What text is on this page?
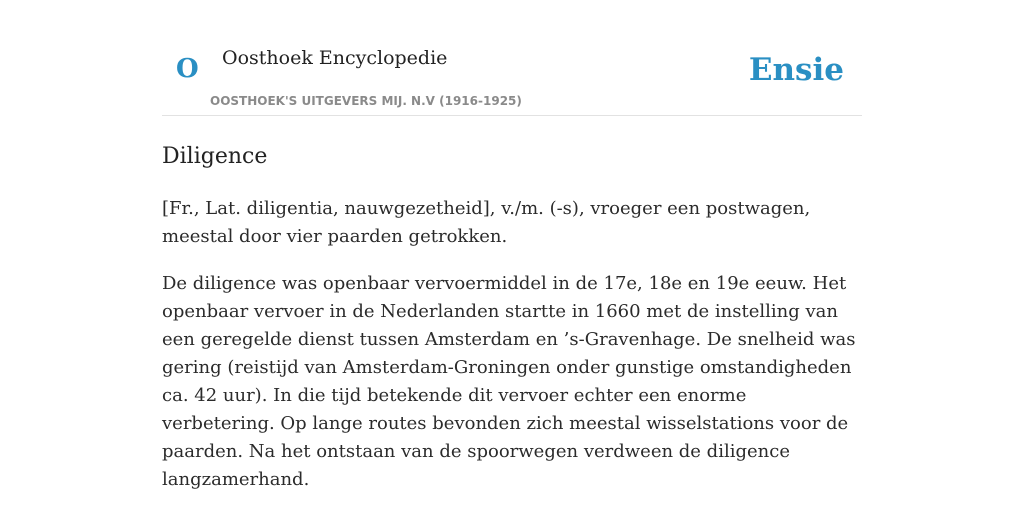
O Oosthoek Encyclopedie
OOSTHOEK'S UITGEVERS MIJ. N.V (1916-1925)
Ensie
Diligence

[Fr., Lat. diligentia, nauwgezetheid], v./m. (-s), vroeger een postwagen, meestal door vier paarden getrokken.

De diligence was openbaar vervoermiddel in de 17e, 18e en 19e eeuw. Het openbaar vervoer in de Nederlanden startte in 1660 met de instelling van een geregelde dienst tussen Amsterdam en ’s-Gravenhage. De snelheid was gering (reistijd van Amsterdam-Groningen onder gunstige omstandigheden ca. 42 uur). In die tijd betekende dit vervoer echter een enorme verbetering. Op lange routes bevonden zich meestal wisselstations voor de paarden. Na het ontstaan van de spoorwegen verdween de diligence langzamerhand.
